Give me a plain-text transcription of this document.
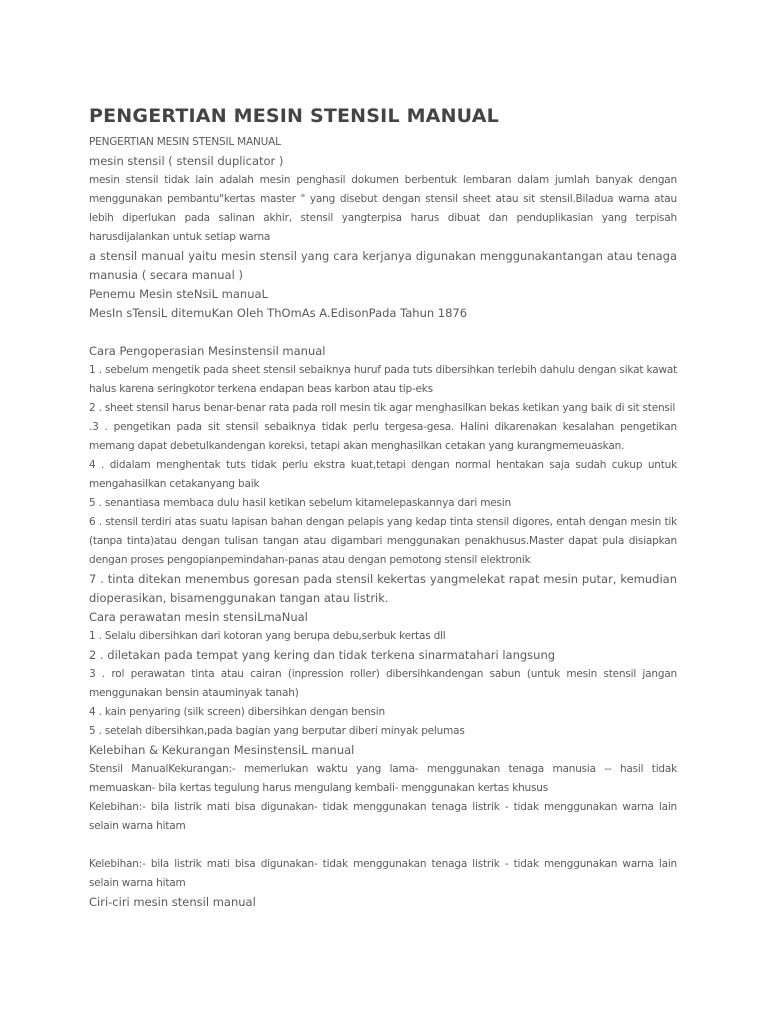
PENGERTIAN MESIN STENSIL MANUAL

PENGERTIAN MESIN STENSIL MANUAL

mesin stensil ( stensil duplicator )

mesin stensil tidak lain adalah mesin penghasil dokumen berbentuk lembaran dalam jumlah banyak dengan menggunakan pembantu"kertas master " yang disebut dengan stensil sheet atau sit stensil.Biladua warna atau lebih diperlukan pada salinan akhir, stensil yangterpisa harus dibuat dan penduplikasian yang terpisah harusdijalankan untuk setiap warna

a stensil manual yaitu mesin stensil yang cara kerjanya digunakan menggunakantangan atau tenaga manusia ( secara manual )

Penemu Mesin steNsiL manuaL

MesIn sTensiL ditemuKan Oleh ThOmAs A.EdisonPada Tahun 1876

Cara Pengoperasian Mesinstensil manual

1 . sebelum mengetik pada sheet stensil sebaiknya huruf pada tuts dibersihkan terlebih dahulu dengan sikat kawat halus karena seringkotor terkena endapan beas karbon atau tip-eks

2 . sheet stensil harus benar-benar rata pada roll mesin tik agar menghasilkan bekas ketikan yang baik di sit stensil

.3 . pengetikan pada sit stensil sebaiknya tidak perlu tergesa-gesa. Halini dikarenakan kesalahan pengetikan memang dapat debetulkandengan koreksi, tetapi akan menghasilkan cetakan yang kurangmemeuaskan.

4 . didalam menghentak tuts tidak perlu ekstra kuat,tetapi dengan normal hentakan saja sudah cukup untuk mengahasilkan cetakanyang baik

5 . senantiasa membaca dulu hasil ketikan sebelum kitamelepaskannya dari mesin

6 . stensil terdiri atas suatu lapisan bahan dengan pelapis yang kedap tinta stensil digores, entah dengan mesin tik (tanpa tinta)atau dengan tulisan tangan atau digambari menggunakan penakhusus.Master dapat pula disiapkan dengan proses pengopianpemindahan-panas atau dengan pemotong stensil elektronik

7 . tinta ditekan menembus goresan pada stensil kekertas yangmelekat rapat mesin putar, kemudian dioperasikan, bisamenggunakan tangan atau listrik.

Cara perawatan mesin stensiLmaNual

1 . Selalu dibersihkan dari kotoran yang berupa debu,serbuk kertas dll

2 . diletakan pada tempat yang kering dan tidak terkena sinarmatahari langsung

3 . rol perawatan tinta atau cairan (inpression roller) dibersihkandengan sabun (untuk mesin stensil jangan menggunakan bensin atauminyak tanah)

4 . kain penyaring (silk screen) dibersihkan dengan bensin

5 . setelah dibersihkan,pada bagian yang berputar diberi minyak pelumas

Kelebihan & Kekurangan MesinstensiL manual

Stensil ManualKekurangan:- memerlukan waktu yang lama- menggunakan tenaga manusia -- hasil tidak memuaskan- bila kertas tegulung harus mengulang kembali- menggunakan kertas khusus

Kelebihan:- bila listrik mati bisa digunakan- tidak menggunakan tenaga listrik - tidak menggunakan warna lain selain warna hitam

Kelebihan:- bila listrik mati bisa digunakan- tidak menggunakan tenaga listrik - tidak menggunakan warna lain selain warna hitam

Ciri-ciri mesin stensil manual
